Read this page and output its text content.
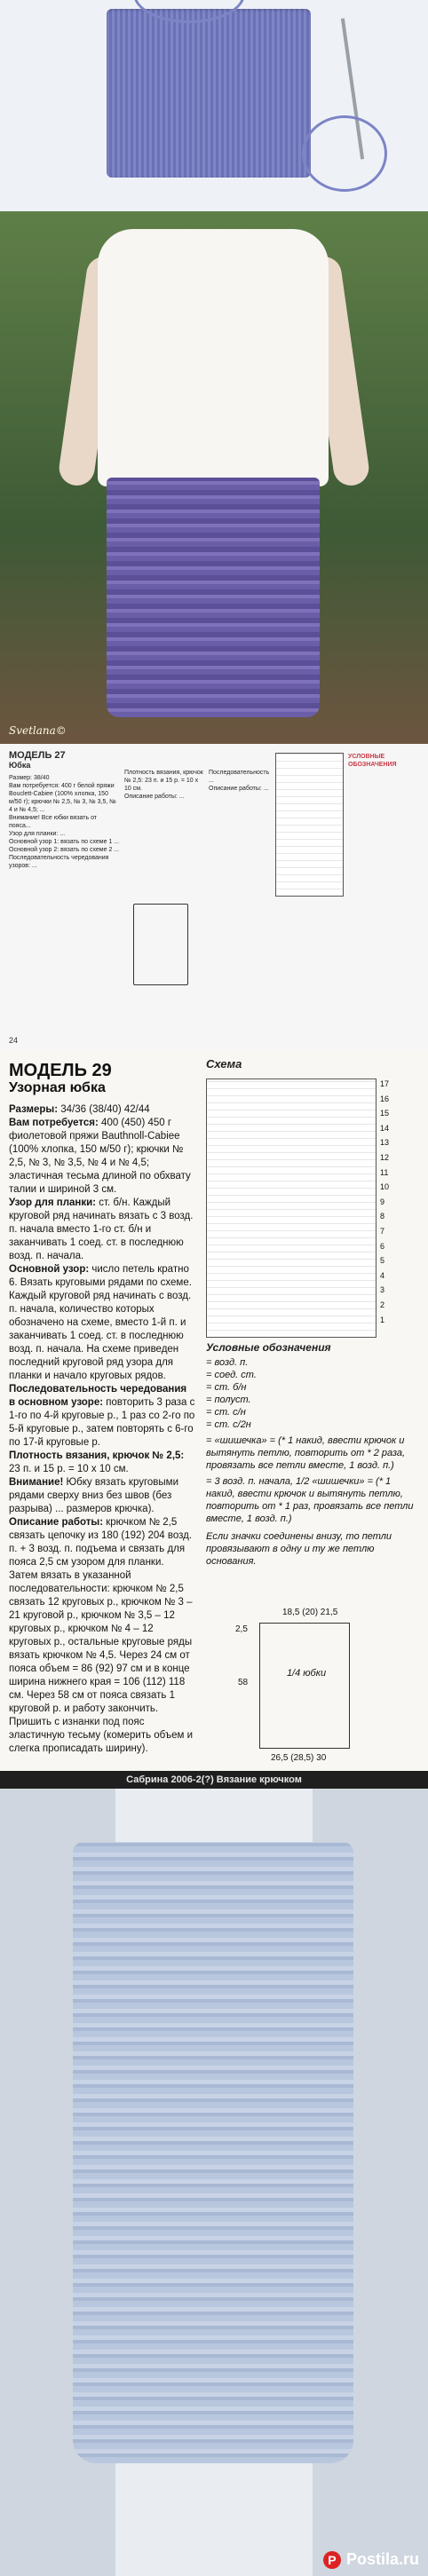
Svetlana©
МОДЕЛЬ 27
Юбка
Размер: 38/40
Вам потребуется: 400 г белой пряжи Bouclett-Cabiee (100% хлопка, 150 м/50 г); крючки № 2,5, № 3, № 3,5, № 4 и № 4,5; ...
Внимание! Все юбки вязать от пояса...
Узор для планки: ...
Основной узор 1: вязать по схеме 1 ...
Основной узор 2: вязать по схеме 2 ...
Последовательность чередования узоров: ...
Плотность вязания, крючок № 2,5: 23 п. и 15 р. = 10 х 10 см.
Описание работы: ...
Последовательность ...
Описание работы: ...
УСЛОВНЫЕ ОБОЗНАЧЕНИЯ
24
МОДЕЛЬ 29
Узорная юбка
Размеры: 34/36 (38/40) 42/44
Вам потребуется: 400 (450) 450 г фиолетовой пряжи Bauthnoll-Cabiee (100% хлопка, 150 м/50 г); крючки № 2,5, № 3, № 3,5, № 4 и № 4,5; эластичная тесьма длиной по обхвату талии и шириной 3 см.
Узор для планки: ст. б/н. Каждый круговой ряд начинать вязать с 3 возд. п. начала вместо 1-го ст. б/н и заканчивать 1 соед. ст. в последнюю возд. п. начала.
Основной узор: число петель кратно 6. Вязать круговыми рядами по схеме. Каждый круговой ряд начинать с возд. п. начала, количество которых обозначено на схеме, вместо 1-й п. и заканчивать 1 соед. ст. в последнюю возд. п. начала. На схеме приведен последний круговой ряд узора для планки и начало круговых рядов.
Последовательность чередования в основном узоре: повторить 3 раза с 1-го по 4-й круговые р., 1 раз со 2-го по 5-й круговые р., затем повторять с 6-го по 17-й круговые р.
Плотность вязания, крючок № 2,5: 23 п. и 15 р. = 10 х 10 см.
Внимание! Юбку вязать круговыми рядами сверху вниз без швов (без разрыва) ... размеров крючка).
Описание работы: крючком № 2,5 связать цепочку из 180 (192) 204 возд. п. + 3 возд. п. подъема и связать для пояса 2,5 см узором для планки. Затем вязать в указанной последовательности: крючком № 2,5 связать 12 круговых р., крючком № 3 – 21 круговой р., крючком № 3,5 – 12 круговых р., крючком № 4 – 12 круговых р., остальные круговые ряды вязать крючком № 4,5. Через 24 см от пояса объем = 86 (92) 97 см и в конце ширина нижнего края = 106 (112) 118 см. Через 58 см от пояса связать 1 круговой р. и работу закончить. Пришить с изнанки под пояс эластичную тесьму (комерить объем и слегка прописадать ширину).
Схема
17
16
15
14
13
12
11
10
9
8
7
6
5
4
3
2
1
Условные обозначения
= возд. п.
= соед. ст.
= ст. б/н
= полуст.
= ст. с/н
= ст. с/2н
= «шишечка» = (* 1 накид, ввести крючок и вытянуть петлю, повторить от * 2 раза, провязать все петли вместе, 1 возд. п.)
= 3 возд. п. начала, 1/2 «шишечки» = (* 1 накид, ввести крючок и вытянуть петлю, повторить от * 1 раз, провязать все петли вместе, 1 возд. п.)
Если значки соединены внизу, то петли провязывают в одну и ту же петлю основания.
18,5 (20) 21,5
2,5
58
1/4 юбки
26,5 (28,5) 30
Сабрина 2006-2(?) Вязание крючком
P Postila.ru
